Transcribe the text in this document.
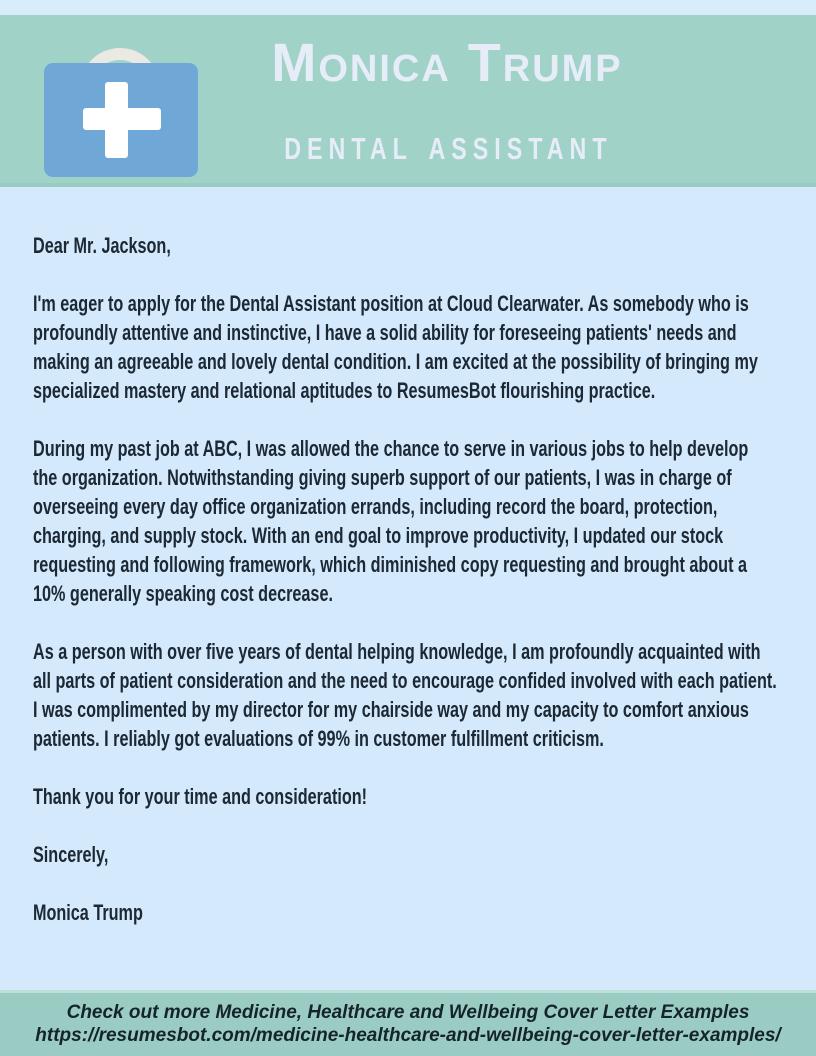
Monica Trump
DENTAL ASSISTANT

Dear Mr. Jackson,

I'm eager to apply for the Dental Assistant position at Cloud Clearwater. As somebody who is profoundly attentive and instinctive, I have a solid ability for foreseeing patients' needs and making an agreeable and lovely dental condition. I am excited at the possibility of bringing my specialized mastery and relational aptitudes to ResumesBot flourishing practice.

During my past job at ABC, I was allowed the chance to serve in various jobs to help develop the organization. Notwithstanding giving superb support of our patients, I was in charge of overseeing every day office organization errands, including record the board, protection, charging, and supply stock. With an end goal to improve productivity, I updated our stock requesting and following framework, which diminished copy requesting and brought about a 10% generally speaking cost decrease.

As a person with over five years of dental helping knowledge, I am profoundly acquainted with all parts of patient consideration and the need to encourage confided involved with each patient. I was complimented by my director for my chairside way and my capacity to comfort anxious patients. I reliably got evaluations of 99% in customer fulfillment criticism.

Thank you for your time and consideration!

Sincerely,

Monica Trump

Check out more Medicine, Healthcare and Wellbeing Cover Letter Examples
https://resumesbot.com/medicine-healthcare-and-wellbeing-cover-letter-examples/
